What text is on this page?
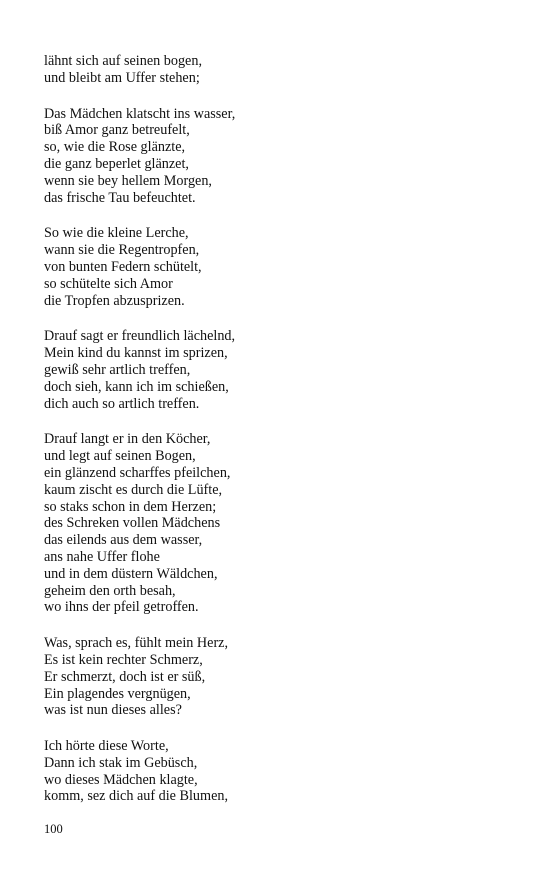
lähnt sich auf seinen bogen,
und bleibt am Uffer stehen;
Das Mädchen klatscht ins wasser,
biß Amor ganz betreufelt,
so, wie die Rose glänzte,
die ganz beperlet glänzet,
wenn sie bey hellem Morgen,
das frische Tau befeuchtet.
So wie die kleine Lerche,
wann sie die Regentropfen,
von bunten Federn schütelt,
so schütelte sich Amor
die Tropfen abzusprizen.
Drauf sagt er freundlich lächelnd,
Mein kind du kannst im sprizen,
gewiß sehr artlich treffen,
doch sieh, kann ich im schießen,
dich auch so artlich treffen.
Drauf langt er in den Köcher,
und legt auf seinen Bogen,
ein glänzend scharffes pfeilchen,
kaum zischt es durch die Lüfte,
so staks schon in dem Herzen;
des Schreken vollen Mädchens
das eilends aus dem wasser,
ans nahe Uffer flohe
und in dem düstern Wäldchen,
geheim den orth besah,
wo ihns der pfeil getroffen.
Was, sprach es, fühlt mein Herz,
Es ist kein rechter Schmerz,
Er schmerzt, doch ist er süß,
Ein plagendes vergnügen,
was ist nun dieses alles?
Ich hörte diese Worte,
Dann ich stak im Gebüsch,
wo dieses Mädchen klagte,
komm, sez dich auf die Blumen,
100
